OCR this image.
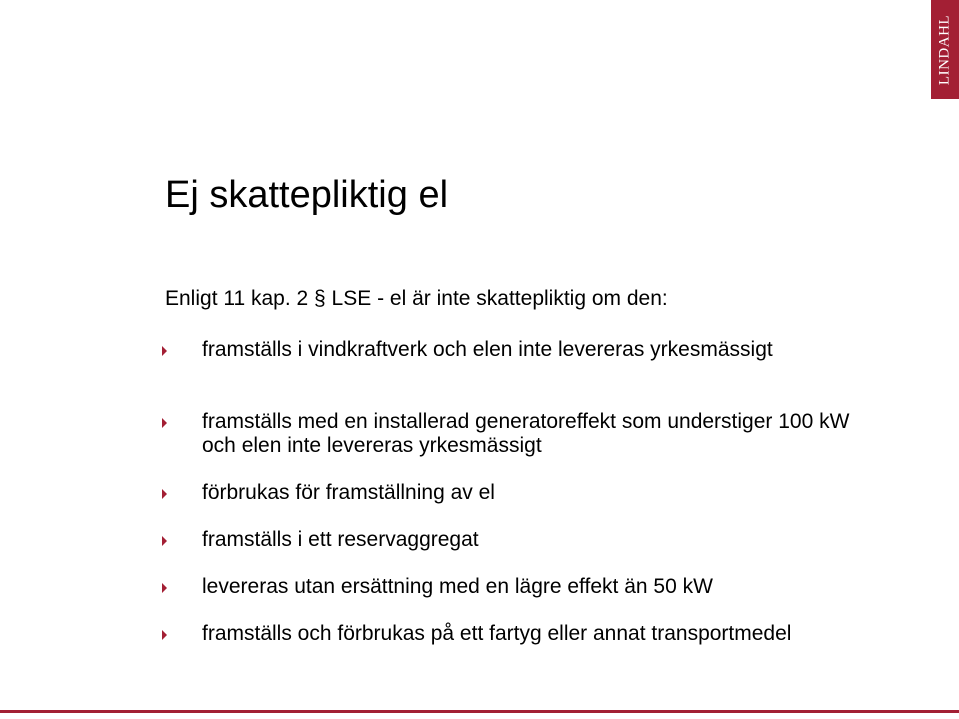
LINDAHL
Ej skattepliktig el

Enligt 11 kap. 2 § LSE - el är inte skattepliktig om den:

framställs i vindkraftverk och elen inte levereras yrkesmässigt
framställs med en installerad generatoreffekt som understiger 100 kW och elen inte levereras yrkesmässigt
förbrukas för framställning av el
framställs i ett reservaggregat
levereras utan ersättning med en lägre effekt än 50 kW
framställs och förbrukas på ett fartyg eller annat transportmedel
